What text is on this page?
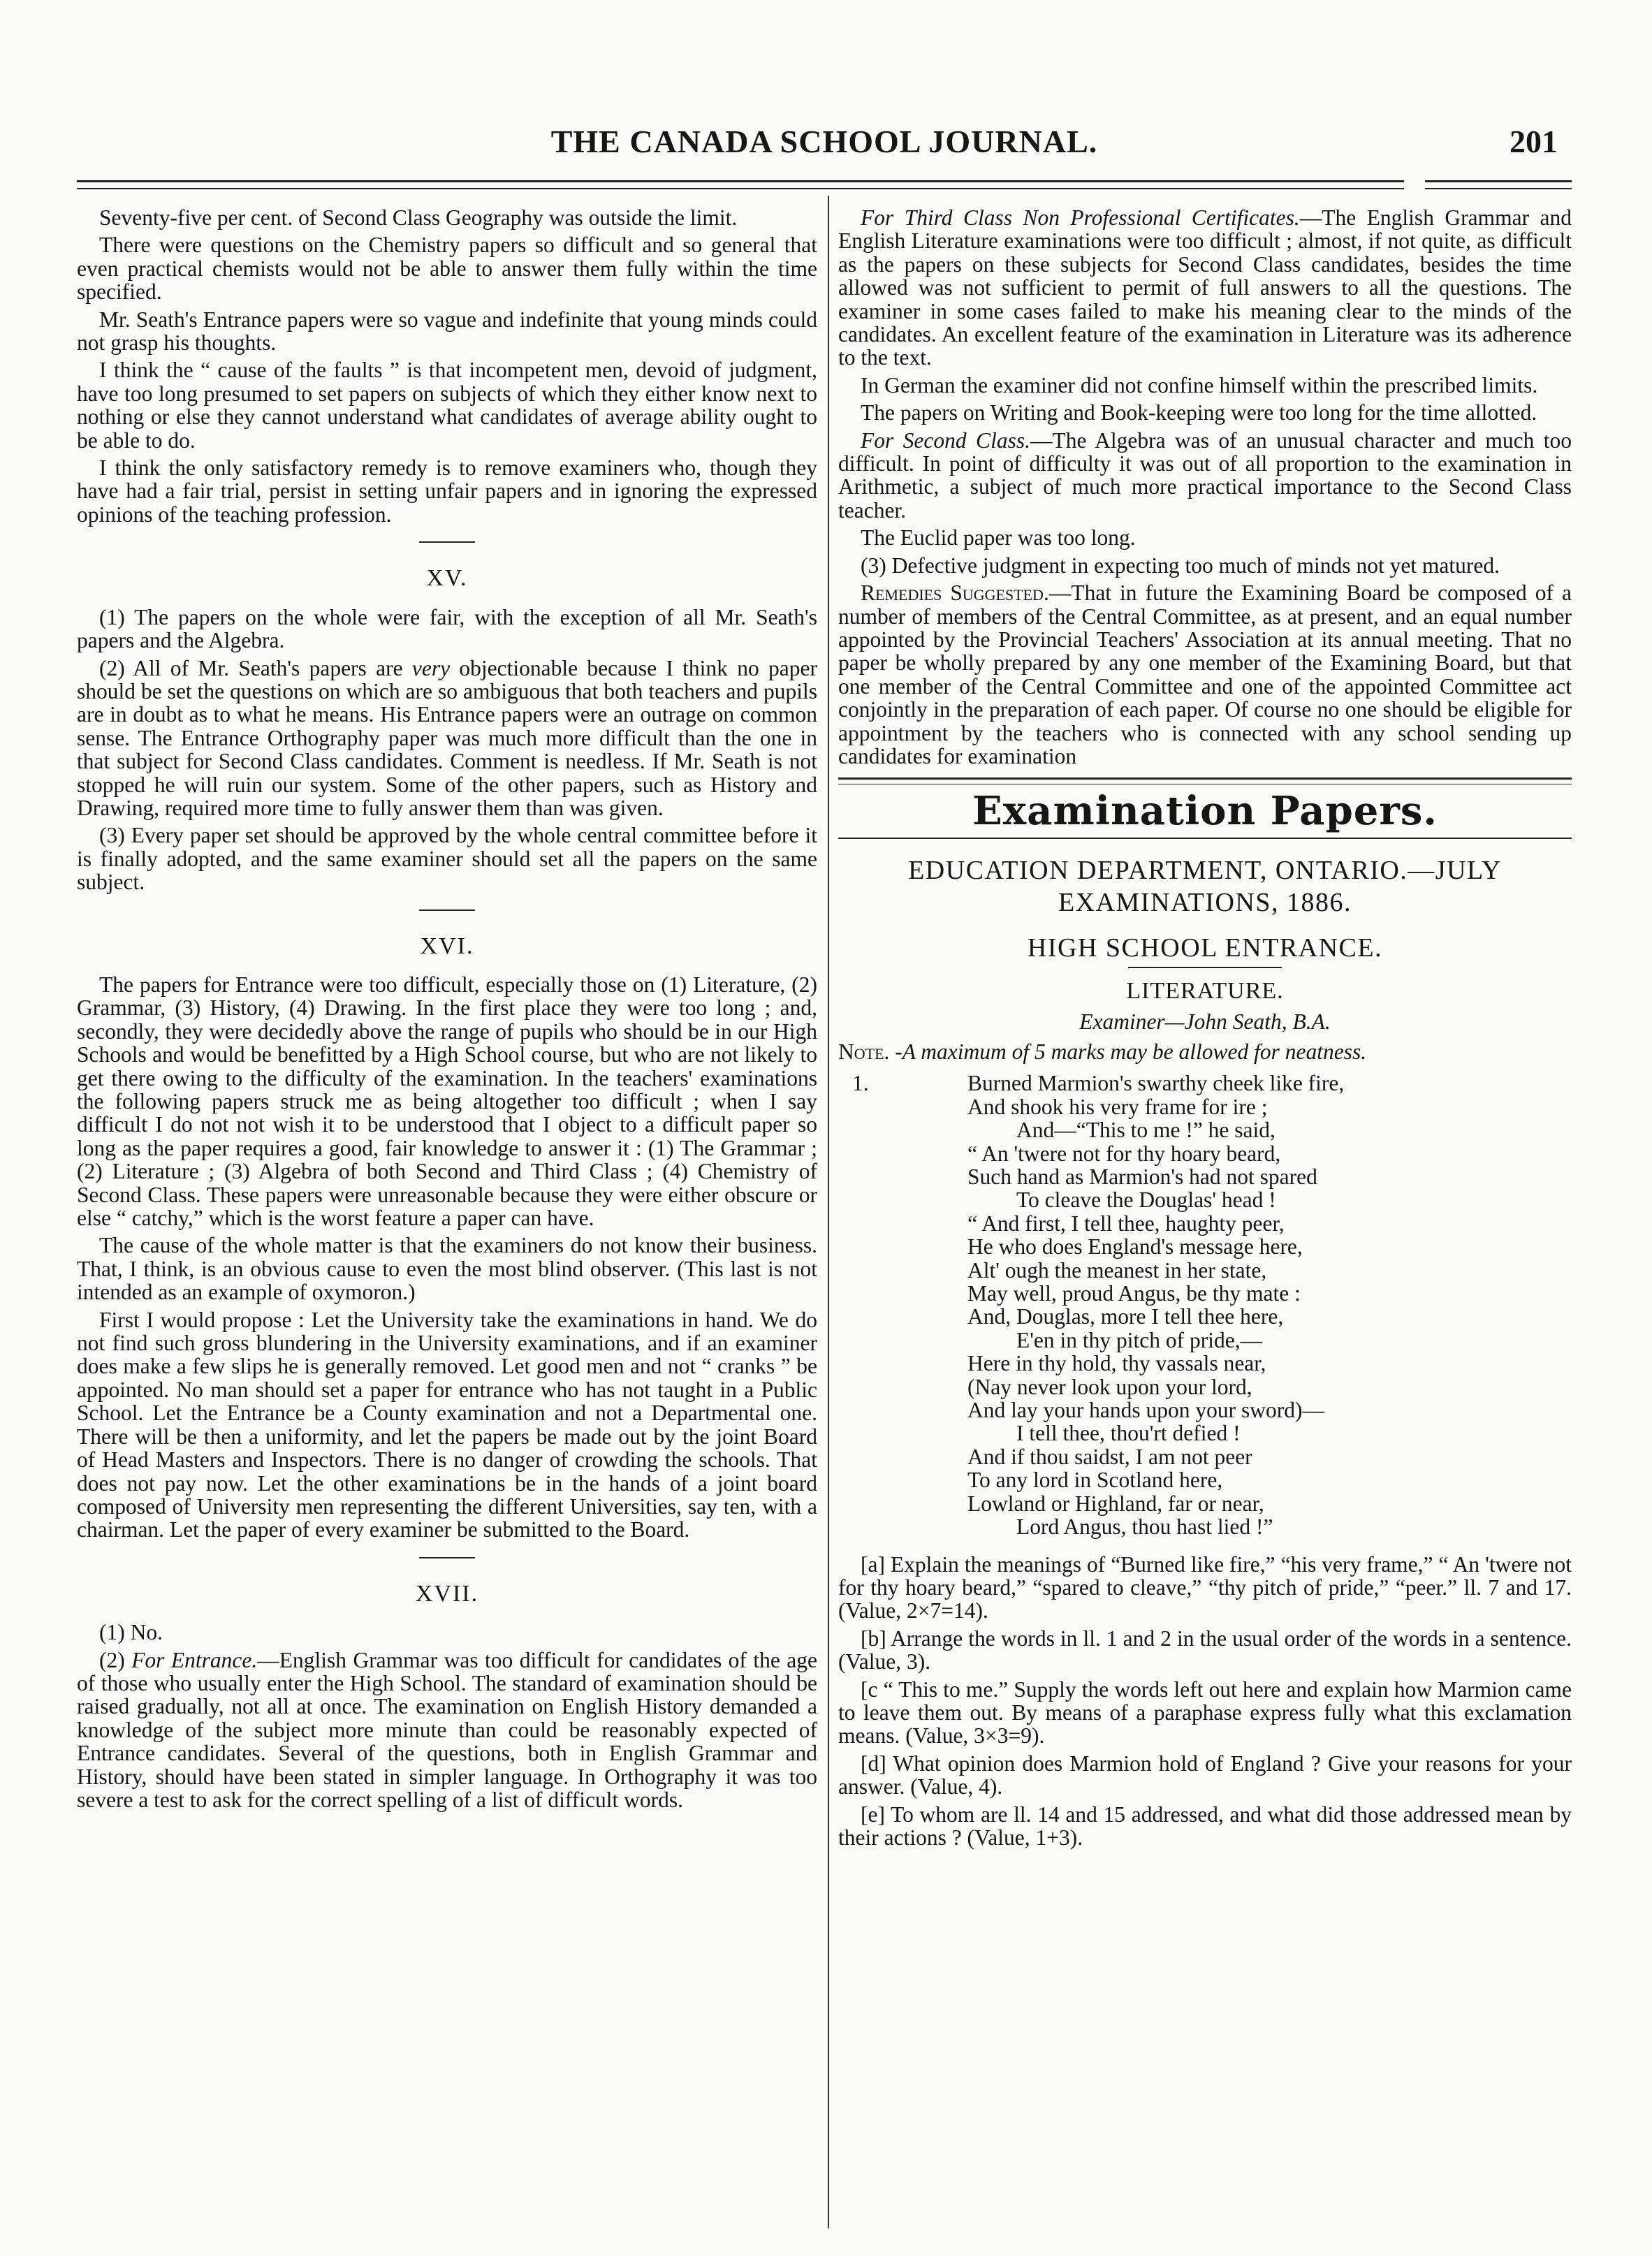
THE CANADA SCHOOL JOURNAL.	201

Seventy-five per cent. of Second Class Geography was outside the limit.

There were questions on the Chemistry papers so difficult and so general that even practical chemists would not be able to answer them fully within the time specified.

Mr. Seath's Entrance papers were so vague and indefinite that young minds could not grasp his thoughts.

I think the “ cause of the faults ” is that incompetent men, devoid of judgment, have too long presumed to set papers on subjects of which they either know next to nothing or else they cannot understand what candidates of average ability ought to be able to do.

I think the only satisfactory remedy is to remove examiners who, though they have had a fair trial, persist in setting unfair papers and in ignoring the expressed opinions of the teaching profession.

XV.

(1) The papers on the whole were fair, with the exception of all Mr. Seath's papers and the Algebra.

(2) All of Mr. Seath's papers are very objectionable because I think no paper should be set the questions on which are so ambiguous that both teachers and pupils are in doubt as to what he means. His Entrance papers were an outrage on common sense. The Entrance Orthography paper was much more difficult than the one in that subject for Second Class candidates. Comment is needless. If Mr. Seath is not stopped he will ruin our system. Some of the other papers, such as History and Drawing, required more time to fully answer them than was given.

(3) Every paper set should be approved by the whole central committee before it is finally adopted, and the same examiner should set all the papers on the same subject.

XVI.

The papers for Entrance were too difficult, especially those on (1) Literature, (2) Grammar, (3) History, (4) Drawing. In the first place they were too long ; and, secondly, they were decidedly above the range of pupils who should be in our High Schools and would be benefitted by a High School course, but who are not likely to get there owing to the difficulty of the examination. In the teachers' examinations the following papers struck me as being altogether too difficult ; when I say difficult I do not not wish it to be understood that I object to a difficult paper so long as the paper requires a good, fair knowledge to answer it : (1) The Grammar ; (2) Literature ; (3) Algebra of both Second and Third Class ; (4) Chemistry of Second Class. These papers were unreasonable because they were either obscure or else “ catchy,” which is the worst feature a paper can have.

The cause of the whole matter is that the examiners do not know their business. That, I think, is an obvious cause to even the most blind observer. (This last is not intended as an example of oxymoron.)

First I would propose : Let the University take the examinations in hand. We do not find such gross blundering in the University examinations, and if an examiner does make a few slips he is generally removed. Let good men and not “ cranks ” be appointed. No man should set a paper for entrance who has not taught in a Public School. Let the Entrance be a County examination and not a Departmental one. There will be then a uniformity, and let the papers be made out by the joint Board of Head Masters and Inspectors. There is no danger of crowding the schools. That does not pay now. Let the other examinations be in the hands of a joint board composed of University men representing the different Universities, say ten, with a chairman. Let the paper of every examiner be submitted to the Board.

XVII.

(1) No.

(2) For Entrance.—English Grammar was too difficult for candidates of the age of those who usually enter the High School. The standard of examination should be raised gradually, not all at once. The examination on English History demanded a knowledge of the subject more minute than could be reasonably expected of Entrance candidates. Several of the questions, both in English Grammar and History, should have been stated in simpler language. In Orthography it was too severe a test to ask for the correct spelling of a list of difficult words.

For Third Class Non Professional Certificates.—The English Grammar and English Literature examinations were too difficult ; almost, if not quite, as difficult as the papers on these subjects for Second Class candidates, besides the time allowed was not sufficient to permit of full answers to all the questions. The examiner in some cases failed to make his meaning clear to the minds of the candidates. An excellent feature of the examination in Literature was its adherence to the text.

In German the examiner did not confine himself within the prescribed limits.

The papers on Writing and Book-keeping were too long for the time allotted.

For Second Class.—The Algebra was of an unusual character and much too difficult. In point of difficulty it was out of all proportion to the examination in Arithmetic, a subject of much more practical importance to the Second Class teacher.

The Euclid paper was too long.

(3) Defective judgment in expecting too much of minds not yet matured.

Remedies Suggested.—That in future the Examining Board be composed of a number of members of the Central Committee, as at present, and an equal number appointed by the Provincial Teachers' Association at its annual meeting. That no paper be wholly prepared by any one member of the Examining Board, but that one member of the Central Committee and one of the appointed Committee act conjointly in the preparation of each paper. Of course no one should be eligible for appointment by the teachers who is connected with any school sending up candidates for examination

Examination Papers.
EDUCATION DEPARTMENT, ONTARIO.—JULY
EXAMINATIONS, 1886.
HIGH SCHOOL ENTRANCE.
LITERATURE.
Examiner—John Seath, B.A.
Note. -A maximum of 5 marks may be allowed for neatness.
1.	Burned Marmion's swarthy cheek like fire,
And shook his very frame for ire ;
And—“This to me !” he said,
“ An 'twere not for thy hoary beard,
Such hand as Marmion's had not spared
To cleave the Douglas' head !
“ And first, I tell thee, haughty peer,
He who does England's message here,
Alt' ough the meanest in her state,
May well, proud Angus, be thy mate :
And, Douglas, more I tell thee here,
E'en in thy pitch of pride,—
Here in thy hold, thy vassals near,
(Nay never look upon your lord,
And lay your hands upon your sword)—
I tell thee, thou'rt defied !
And if thou saidst, I am not peer
To any lord in Scotland here,
Lowland or Highland, far or near,
Lord Angus, thou hast lied !”

[a] Explain the meanings of “Burned like fire,” “his very frame,” “ An 'twere not for thy hoary beard,” “spared to cleave,” “thy pitch of pride,” “peer.” ll. 7 and 17. (Value, 2×7=14).

[b] Arrange the words in ll. 1 and 2 in the usual order of the words in a sentence. (Value, 3).

[c “ This to me.” Supply the words left out here and explain how Marmion came to leave them out. By means of a paraphase express fully what this exclamation means. (Value, 3×3=9).

[d] What opinion does Marmion hold of England ? Give your reasons for your answer. (Value, 4).

[e] To whom are ll. 14 and 15 addressed, and what did those addressed mean by their actions ? (Value, 1+3).
